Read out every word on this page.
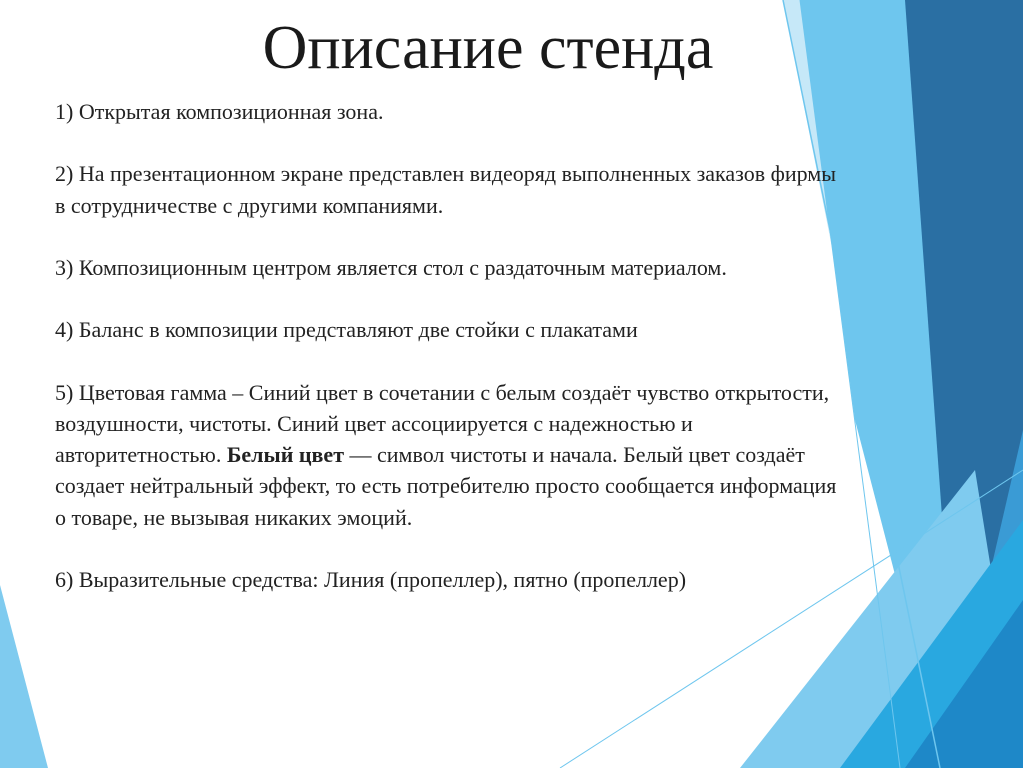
Описание стенда

1) Открытая композиционная зона.

2) На презентационном экране представлен видеоряд выполненных заказов фирмы в сотрудничестве с другими компаниями.

3) Композиционным центром является стол с раздаточным материалом.

4) Баланс в композиции представляют две стойки с плакатами

5) Цветовая гамма – Синий цвет в сочетании с белым создаёт чувство открытости, воздушности, чистоты. Синий цвет ассоциируется с надежностью и авторитетностью. Белый цвет — символ чистоты и начала. Белый цвет создаёт создает нейтральный эффект, то есть потребителю просто сообщается информация о товаре, не вызывая никаких эмоций.

6) Выразительные средства: Линия (пропеллер), пятно (пропеллер)
